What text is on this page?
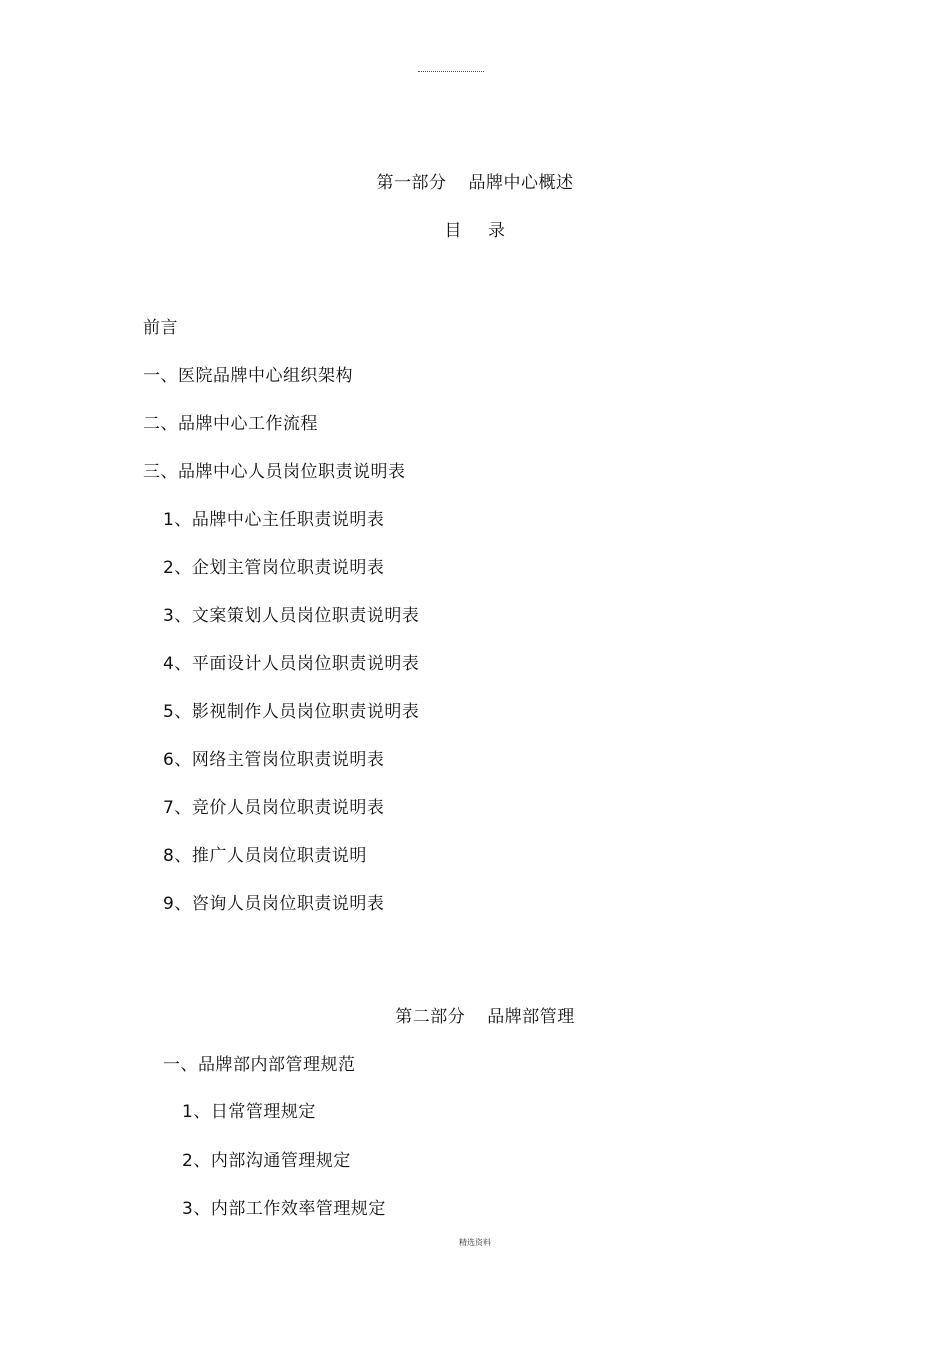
第一部分 品牌中心概述
目 录
前言
一、医院品牌中心组织架构
二、品牌中心工作流程
三、品牌中心人员岗位职责说明表
1、品牌中心主任职责说明表
2、企划主管岗位职责说明表
3、文案策划人员岗位职责说明表
4、平面设计人员岗位职责说明表
5、影视制作人员岗位职责说明表
6、网络主管岗位职责说明表
7、竞价人员岗位职责说明表
8、推广人员岗位职责说明
9、咨询人员岗位职责说明表
第二部分 品牌部管理
一、品牌部内部管理规范
1、日常管理规定
2、内部沟通管理规定
3、内部工作效率管理规定
精选资料
